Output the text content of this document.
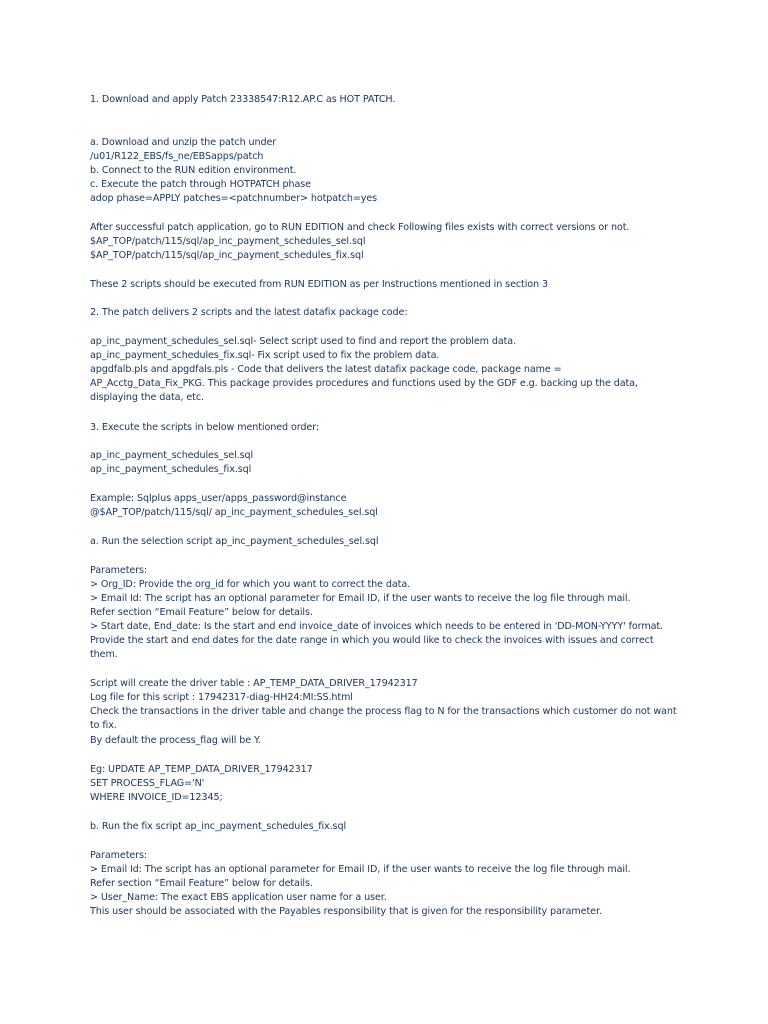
1. Download and apply Patch 23338547:R12.AP.C as HOT PATCH.

a. Download and unzip the patch under

/u01/R122_EBS/fs_ne/EBSapps/patch

b. Connect to the RUN edition environment.

c. Execute the patch through HOTPATCH phase

adop phase=APPLY patches=<patchnumber> hotpatch=yes

After successful patch application, go to RUN EDITION and check Following files exists with correct versions or not.

$AP_TOP/patch/115/sql/ap_inc_payment_schedules_sel.sql

$AP_TOP/patch/115/sql/ap_inc_payment_schedules_fix.sql

These 2 scripts should be executed from RUN EDITION as per Instructions mentioned in section 3

2. The patch delivers 2 scripts and the latest datafix package code:

ap_inc_payment_schedules_sel.sql- Select script used to find and report the problem data.

ap_inc_payment_schedules_fix.sql- Fix script used to fix the problem data.

apgdfalb.pls and apgdfals.pls - Code that delivers the latest datafix package code, package name =

AP_Acctg_Data_Fix_PKG. This package provides procedures and functions used by the GDF e.g. backing up the data,

displaying the data, etc.

3. Execute the scripts in below mentioned order:

ap_inc_payment_schedules_sel.sql

ap_inc_payment_schedules_fix.sql

Example: Sqlplus apps_user/apps_password@instance

@$AP_TOP/patch/115/sql/ ap_inc_payment_schedules_sel.sql

a. Run the selection script ap_inc_payment_schedules_sel.sql

Parameters:

> Org_ID: Provide the org_id for which you want to correct the data.

> Email Id: The script has an optional parameter for Email ID, if the user wants to receive the log file through mail.

Refer section “Email Feature” below for details.

> Start date, End_date: Is the start and end invoice_date of invoices which needs to be entered in 'DD-MON-YYYY' format.

Provide the start and end dates for the date range in which you would like to check the invoices with issues and correct

them.

Script will create the driver table : AP_TEMP_DATA_DRIVER_17942317

Log file for this script : 17942317-diag-HH24:MI:SS.html

Check the transactions in the driver table and change the process flag to N for the transactions which customer do not want

to fix.

By default the process_flag will be Y.

Eg: UPDATE AP_TEMP_DATA_DRIVER_17942317

SET PROCESS_FLAG='N'

WHERE INVOICE_ID=12345;

b. Run the fix script ap_inc_payment_schedules_fix.sql

Parameters:

> Email Id: The script has an optional parameter for Email ID, if the user wants to receive the log file through mail.

Refer section “Email Feature” below for details.

> User_Name: The exact EBS application user name for a user.

This user should be associated with the Payables responsibility that is given for the responsibility parameter.
